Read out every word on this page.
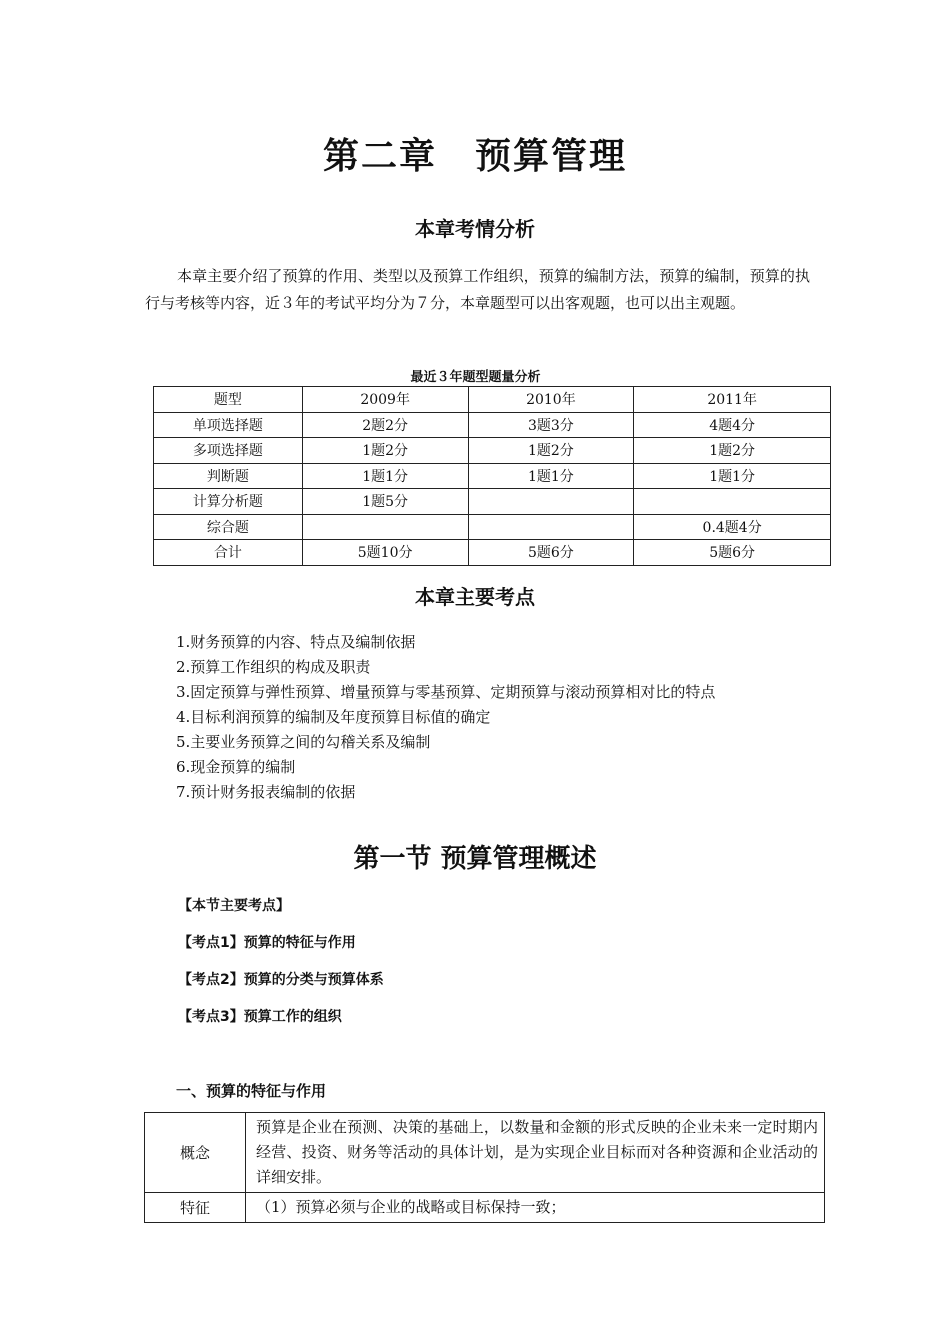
第二章　预算管理
本章考情分析
本章主要介绍了预算的作用、类型以及预算工作组织，预算的编制方法，预算的编制，预算的执行与考核等内容，近３年的考试平均分为７分，本章题型可以出客观题，也可以出主观题。
最近３年题型题量分析
题型	2009年	2010年	2011年
单项选择题	2题2分	3题3分	4题4分
多项选择题	1题2分	1题2分	1题2分
判断题	1题1分	1题1分	1题1分
计算分析题	1题5分		
综合题			0.4题4分
合计	5题10分	5题6分	5题6分
本章主要考点
1.财务预算的内容、特点及编制依据
2.预算工作组织的构成及职责
3.固定预算与弹性预算、增量预算与零基预算、定期预算与滚动预算相对比的特点
4.目标利润预算的编制及年度预算目标值的确定
5.主要业务预算之间的勾稽关系及编制
6.现金预算的编制
7.预计财务报表编制的依据
第一节 预算管理概述
【本节主要考点】
【考点1】预算的特征与作用
【考点2】预算的分类与预算体系
【考点3】预算工作的组织
一、预算的特征与作用
概念	预算是企业在预测、决策的基础上，以数量和金额的形式反映的企业未来一定时期内经营、投资、财务等活动的具体计划，是为实现企业目标而对各种资源和企业活动的详细安排。
特征	（1）预算必须与企业的战略或目标保持一致；
